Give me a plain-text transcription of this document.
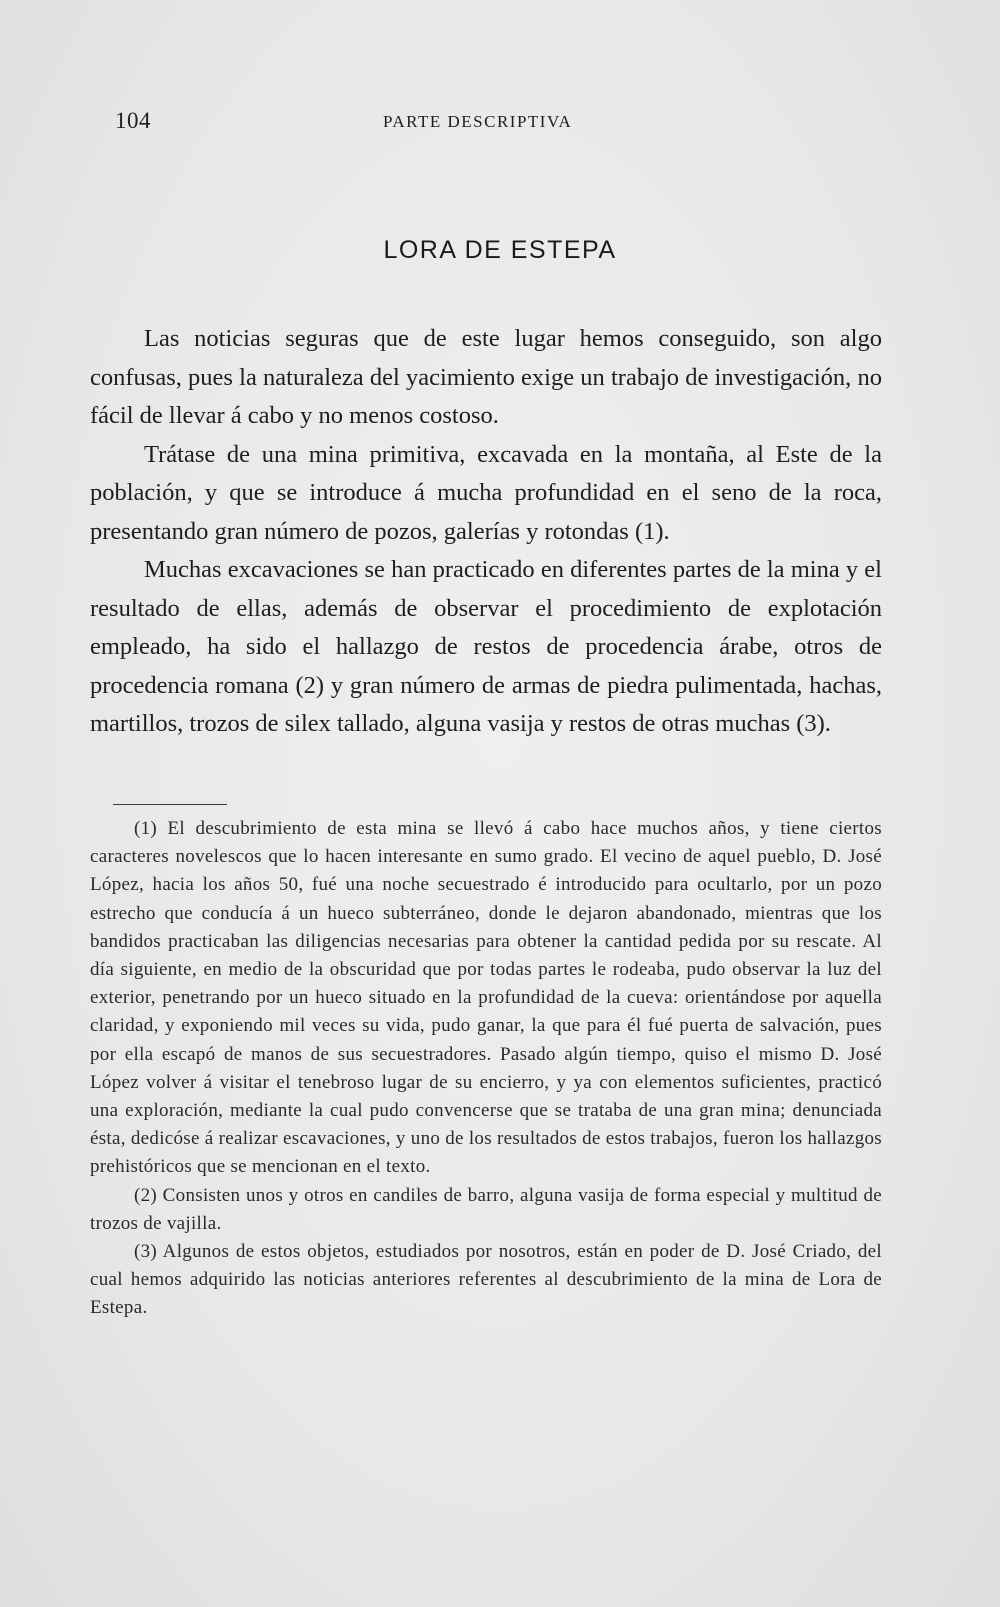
104	PARTE DESCRIPTIVA
LORA DE ESTEPA

Las noticias seguras que de este lugar hemos conseguido, son algo confusas, pues la naturaleza del yacimiento exige un trabajo de investigación, no fácil de llevar á cabo y no menos costoso.

Trátase de una mina primitiva, excavada en la montaña, al Este de la población, y que se introduce á mucha profundidad en el seno de la roca, presentando gran número de pozos, galerías y rotondas (1).

Muchas excavaciones se han practicado en diferentes partes de la mina y el resultado de ellas, además de observar el procedimiento de explotación empleado, ha sido el hallazgo de restos de procedencia árabe, otros de procedencia romana (2) y gran número de armas de piedra pulimentada, hachas, martillos, trozos de silex tallado, alguna vasija y restos de otras muchas (3).

(1) El descubrimiento de esta mina se llevó á cabo hace muchos años, y tiene ciertos caracteres novelescos que lo hacen interesante en sumo grado. El vecino de aquel pueblo, D. José López, hacia los años 50, fué una noche secuestrado é introducido para ocultarlo, por un pozo estrecho que conducía á un hueco subterráneo, donde le dejaron abandonado, mientras que los bandidos practicaban las diligencias necesarias para obtener la cantidad pedida por su rescate. Al día siguiente, en medio de la obscuridad que por todas partes le rodeaba, pudo observar la luz del exterior, penetrando por un hueco situado en la profundidad de la cueva: orientándose por aquella claridad, y exponiendo mil veces su vida, pudo ganar, la que para él fué puerta de salvación, pues por ella escapó de manos de sus secuestradores. Pasado algún tiempo, quiso el mismo D. José López volver á visitar el tenebroso lugar de su encierro, y ya con elementos suficientes, practicó una exploración, mediante la cual pudo convencerse que se trataba de una gran mina; denunciada ésta, dedicóse á realizar escavaciones, y uno de los resultados de estos trabajos, fueron los hallazgos prehistóricos que se mencionan en el texto.

(2) Consisten unos y otros en candiles de barro, alguna vasija de forma especial y multitud de trozos de vajilla.

(3) Algunos de estos objetos, estudiados por nosotros, están en poder de D. José Criado, del cual hemos adquirido las noticias anteriores referentes al descubrimiento de la mina de Lora de Estepa.
